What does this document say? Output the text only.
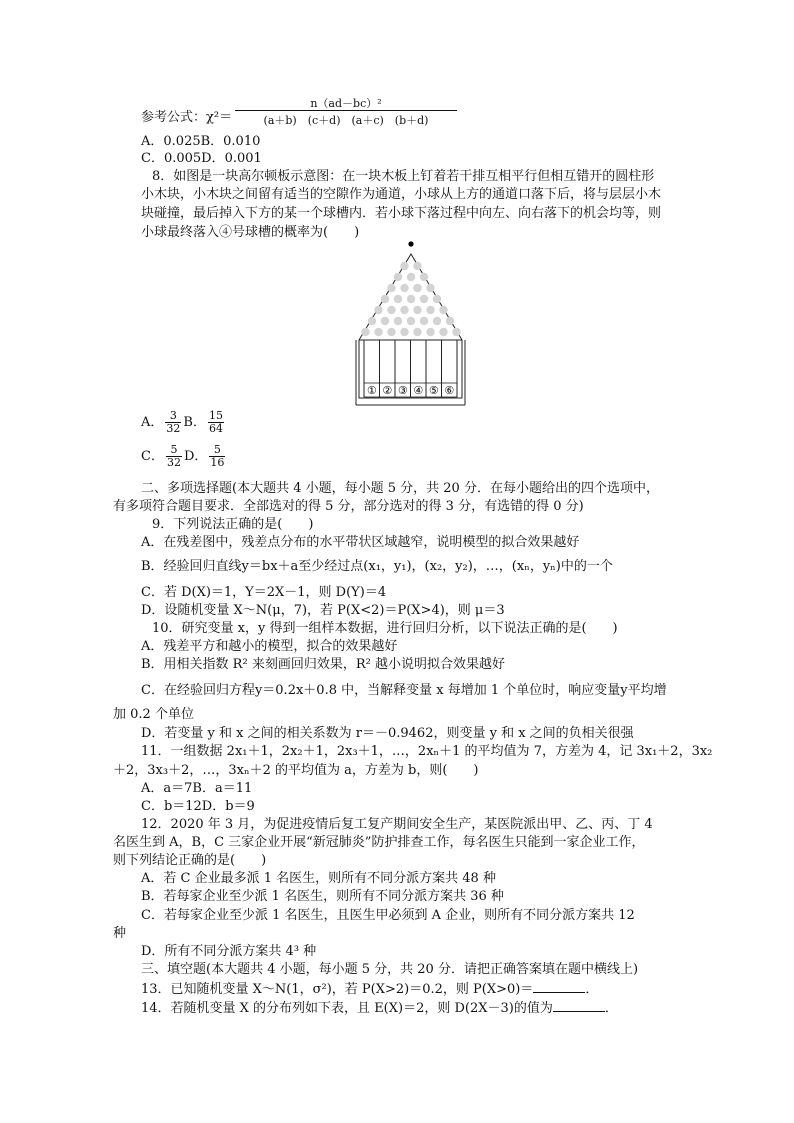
参考公式：χ²＝
n（ad－bc）²
(a＋b)　(c＋d)　(a＋c)　(b＋d)
A．0.025B．0.010
C．0.005D．0.001
8．如图是一块高尔顿板示意图：在一块木板上钉着若干排互相平行但相互错开的圆柱形
小木块，小木块之间留有适当的空隙作为通道，小球从上方的通道口落下后，将与层层小木
块碰撞，最后掉入下方的某一个球槽内．若小球下落过程中向左、向右落下的机会均等，则
小球最终落入④号球槽的概率为(　　)
① ② ③ ④ ⑤ ⑥
A． $\frac{3}{32}$ B． $\frac{15}{64}$
C． $\frac{5}{32}$ D． $\frac{5}{16}$
二、多项选择题(本大题共 4 小题，每小题 5 分，共 20 分．在每小题给出的四个选项中，
有多项符合题目要求．全部选对的得 5 分，部分选对的得 3 分，有选错的得 0 分)
9．下列说法正确的是(　　)
A．在残差图中，残差点分布的水平带状区域越窄，说明模型的拟合效果越好
B．经验回归直线y＝bx＋a至少经过点(x₁，y₁)，(x₂，y₂)，…，(xₙ，yₙ)中的一个
C．若 D(X)＝1，Y＝2X－1，则 D(Y)＝4
D．设随机变量 X～N(μ，7)，若 P(X<2)＝P(X>4)，则 μ＝3
10．研究变量 x，y 得到一组样本数据，进行回归分析，以下说法正确的是(　　)
A．残差平方和越小的模型，拟合的效果越好
B．用相关指数 R² 来刻画回归效果，R² 越小说明拟合效果越好
C．在经验回归方程y＝0.2x＋0.8 中，当解释变量 x 每增加 1 个单位时，响应变量y平均增
加 0.2 个单位
D．若变量 y 和 x 之间的相关系数为 r＝－0.9462，则变量 y 和 x 之间的负相关很强
11．一组数据 2x₁＋1，2x₂＋1，2x₃＋1，…，2xₙ＋1 的平均值为 7，方差为 4，记 3x₁＋2，3x₂
＋2，3x₃＋2，…，3xₙ＋2 的平均值为 a，方差为 b，则(　　)
A．a＝7B．a＝11
C．b＝12D．b＝9
12．2020 年 3 月，为促进疫情后复工复产期间安全生产，某医院派出甲、乙、丙、丁 4
名医生到 A，B，C 三家企业开展“新冠肺炎”防护排查工作，每名医生只能到一家企业工作，
则下列结论正确的是(　　)
A．若 C 企业最多派 1 名医生，则所有不同分派方案共 48 种
B．若每家企业至少派 1 名医生，则所有不同分派方案共 36 种
C．若每家企业至少派 1 名医生，且医生甲必须到 A 企业，则所有不同分派方案共 12
种
D．所有不同分派方案共 4³ 种
三、填空题(本大题共 4 小题，每小题 5 分，共 20 分．请把正确答案填在题中横线上)
13．已知随机变量 X～N(1，σ²)，若 P(X>2)＝0.2，则 P(X>0)＝	．
14．若随机变量 X 的分布列如下表，且 E(X)＝2，则 D(2X－3)的值为	．
